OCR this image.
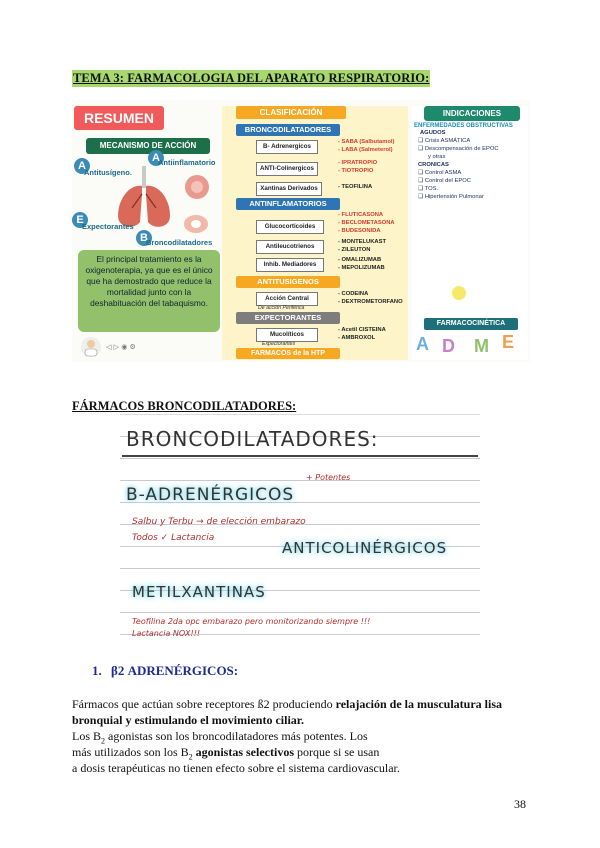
TEMA 3: FARMACOLOGIA DEL APARATO RESPIRATORIO:
RESUMEN
MECANISMO DE ACCIÓN
A
Antitusígeno.
A
Antiinflamatorio
E
Expectorantes
B
Broncodilatadores
El principal tratamiento es la oxigenoterapia, ya que es el único que ha demostrado que reduce la mortalidad junto con la deshabituación del tabaquismo.
◁ ▷ ◉ ⚙
CLASIFICACIÓN
BRONCODILATADORES
B- Adrenergicos
- SABA (Salbutamol)
- LABA (Salmeterol)
ANTI-Colinergicos
- IPRATROPIO
- TIOTROPIO
Xantinas Derivados	- TEOFILINA
ANTINFLAMATORIOS
Glucocorticoides
- FLUTICASONA
- BECLOMETASONA
- BUDESONIDA
Antileucotrienos
- MONTELUKAST
- ZILEUTON
Inhib. Mediadores
- OMALIZUMAB
- MEPOLIZUMAB
ANTITUSIGENOS
Acción Central
De acción Periférica
- CODEINA
- DEXTROMETORFANO
EXPECTORANTES
Mucolíticos
Expectorantes
- Acetil CISTEINA
- AMBROXOL
FARMACOS de la HTP
INDICACIONES
ENFERMEDADES OBSTRUCTIVAS
AGUDOS
❑ Crisis ASMÁTICA
❑ Descompensación de EPOC
y otras
CRONICAS
❑ Control ASMA
❑ Control del EPOC
❑ TOS.
❑ Hipertensión Pulmonar
FARMACOCINÉTICA
A D M E
FÁRMACOS BRONCODILATADORES:
BRONCODILATADORES:
B-ADRENÉRGICOS
+ Potentes
Salbu y Terbu → de elección embarazo
Todos ✓ Lactancia
ANTICOLINÉRGICOS
METILXANTINAS
Teofilina 2da opc embarazo pero monitorizando siempre !!!
Lactancia NOX!!!
1. β2 ADRENÉRGICOS:
Fármacos que actúan sobre receptores ß2 produciendo relajación de la musculatura lisa
bronquial y estimulando el movimiento ciliar.
Los $B_2$ agonistas son los broncodilatadores más potentes. Los
más utilizados son los $B_2$ agonistas selectivos porque si se usan
a dosis terapéuticas no tienen efecto sobre el sistema cardiovascular.
38
